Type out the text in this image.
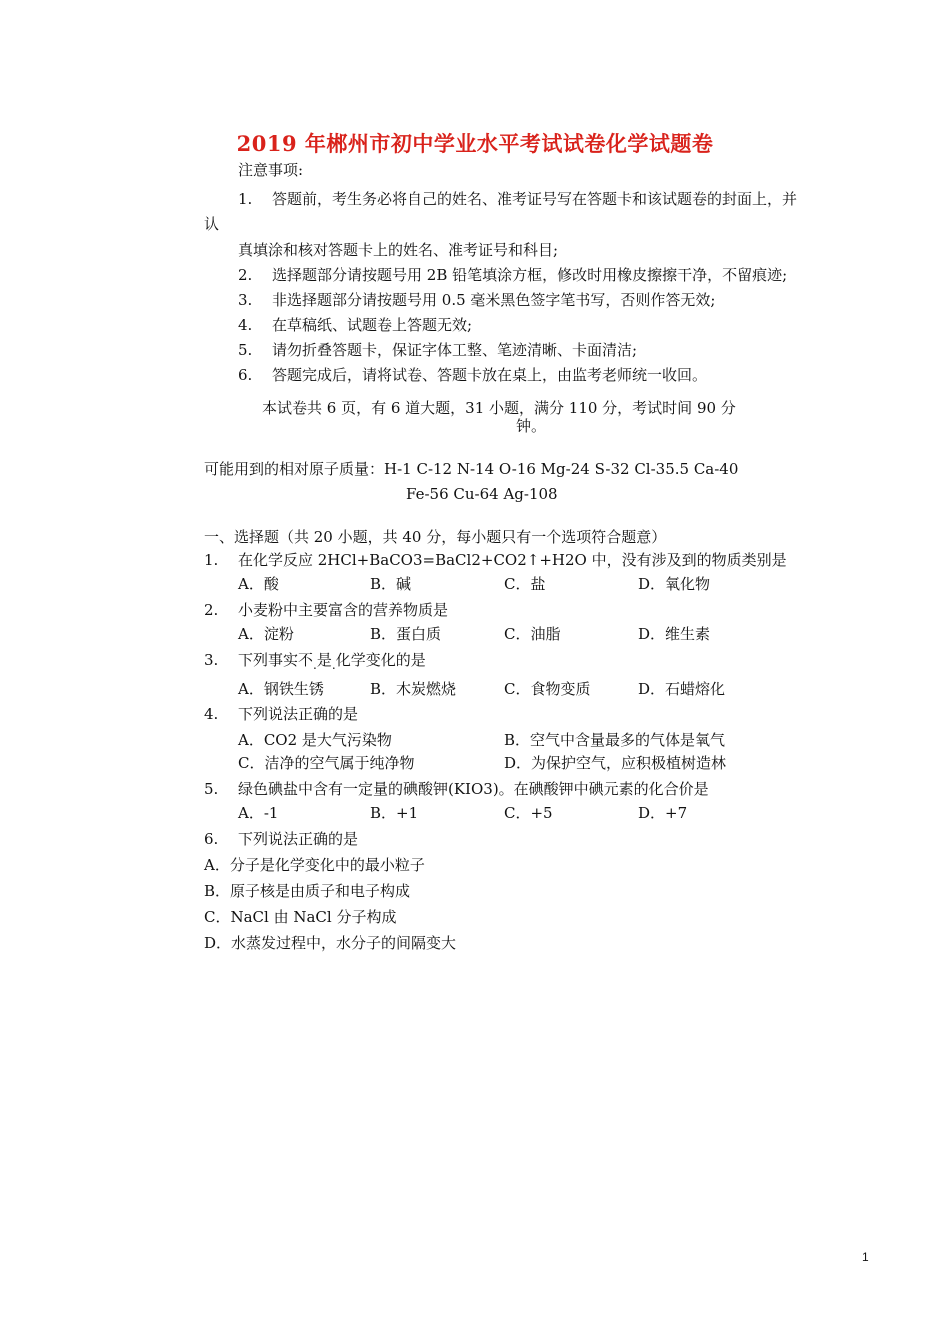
2019 年郴州市初中学业水平考试试卷化学试题卷
注意事项:
1. 答题前，考生务必将自己的姓名、准考证号写在答题卡和该试题卷的封面上，并
认
真填涂和核对答题卡上的姓名、准考证号和科目;
2. 选择题部分请按题号用 2B 铅笔填涂方框，修改时用橡皮擦擦干净，不留痕迹;
3. 非选择题部分请按题号用 0.5 毫米黑色签字笔书写，否则作答无效;
4. 在草稿纸、试题卷上答题无效;
5. 请勿折叠答题卡，保证字体工整、笔迹清晰、卡面清洁;
6. 答题完成后，请将试卷、答题卡放在桌上，由监考老师统一收回。
本试卷共 6 页，有 6 道大题，31 小题，满分 110 分，考试时间 90 分
钟。
可能用到的相对原子质量：H-1 C-12 N-14 O-16 Mg-24 S-32 Cl-35.5 Ca-40
Fe-56 Cu-64 Ag-108
一、选择题（共 20 小题，共 40 分，每小题只有一个选项符合题意）
1. 在化学反应 2HCl+BaCO3=BaCl2+CO2↑+H2O 中，没有涉及到的物质类别是
A．酸	B．碱	C．盐	D．氧化物
2. 小麦粉中主要富含的营养物质是
A．淀粉	B．蛋白质	C．油脂	D．维生素
3. 下列事实不$_.$是$_.$化学变化的是
A．钢铁生锈	B．木炭燃烧	C．食物变质	D．石蜡熔化
4. 下列说法正确的是
A．CO2 是大气污染物	B．空气中含量最多的气体是氧气
C．洁净的空气属于纯净物	D．为保护空气，应积极植树造林
5. 绿色碘盐中含有一定量的碘酸钾(KIO3)。在碘酸钾中碘元素的化合价是
A．-1	B．+1	C．+5	D．+7
6. 下列说法正确的是
A．分子是化学变化中的最小粒子
B．原子核是由质子和电子构成
C．NaCl 由 NaCl 分子构成
D．水蒸发过程中，水分子的间隔变大
1
